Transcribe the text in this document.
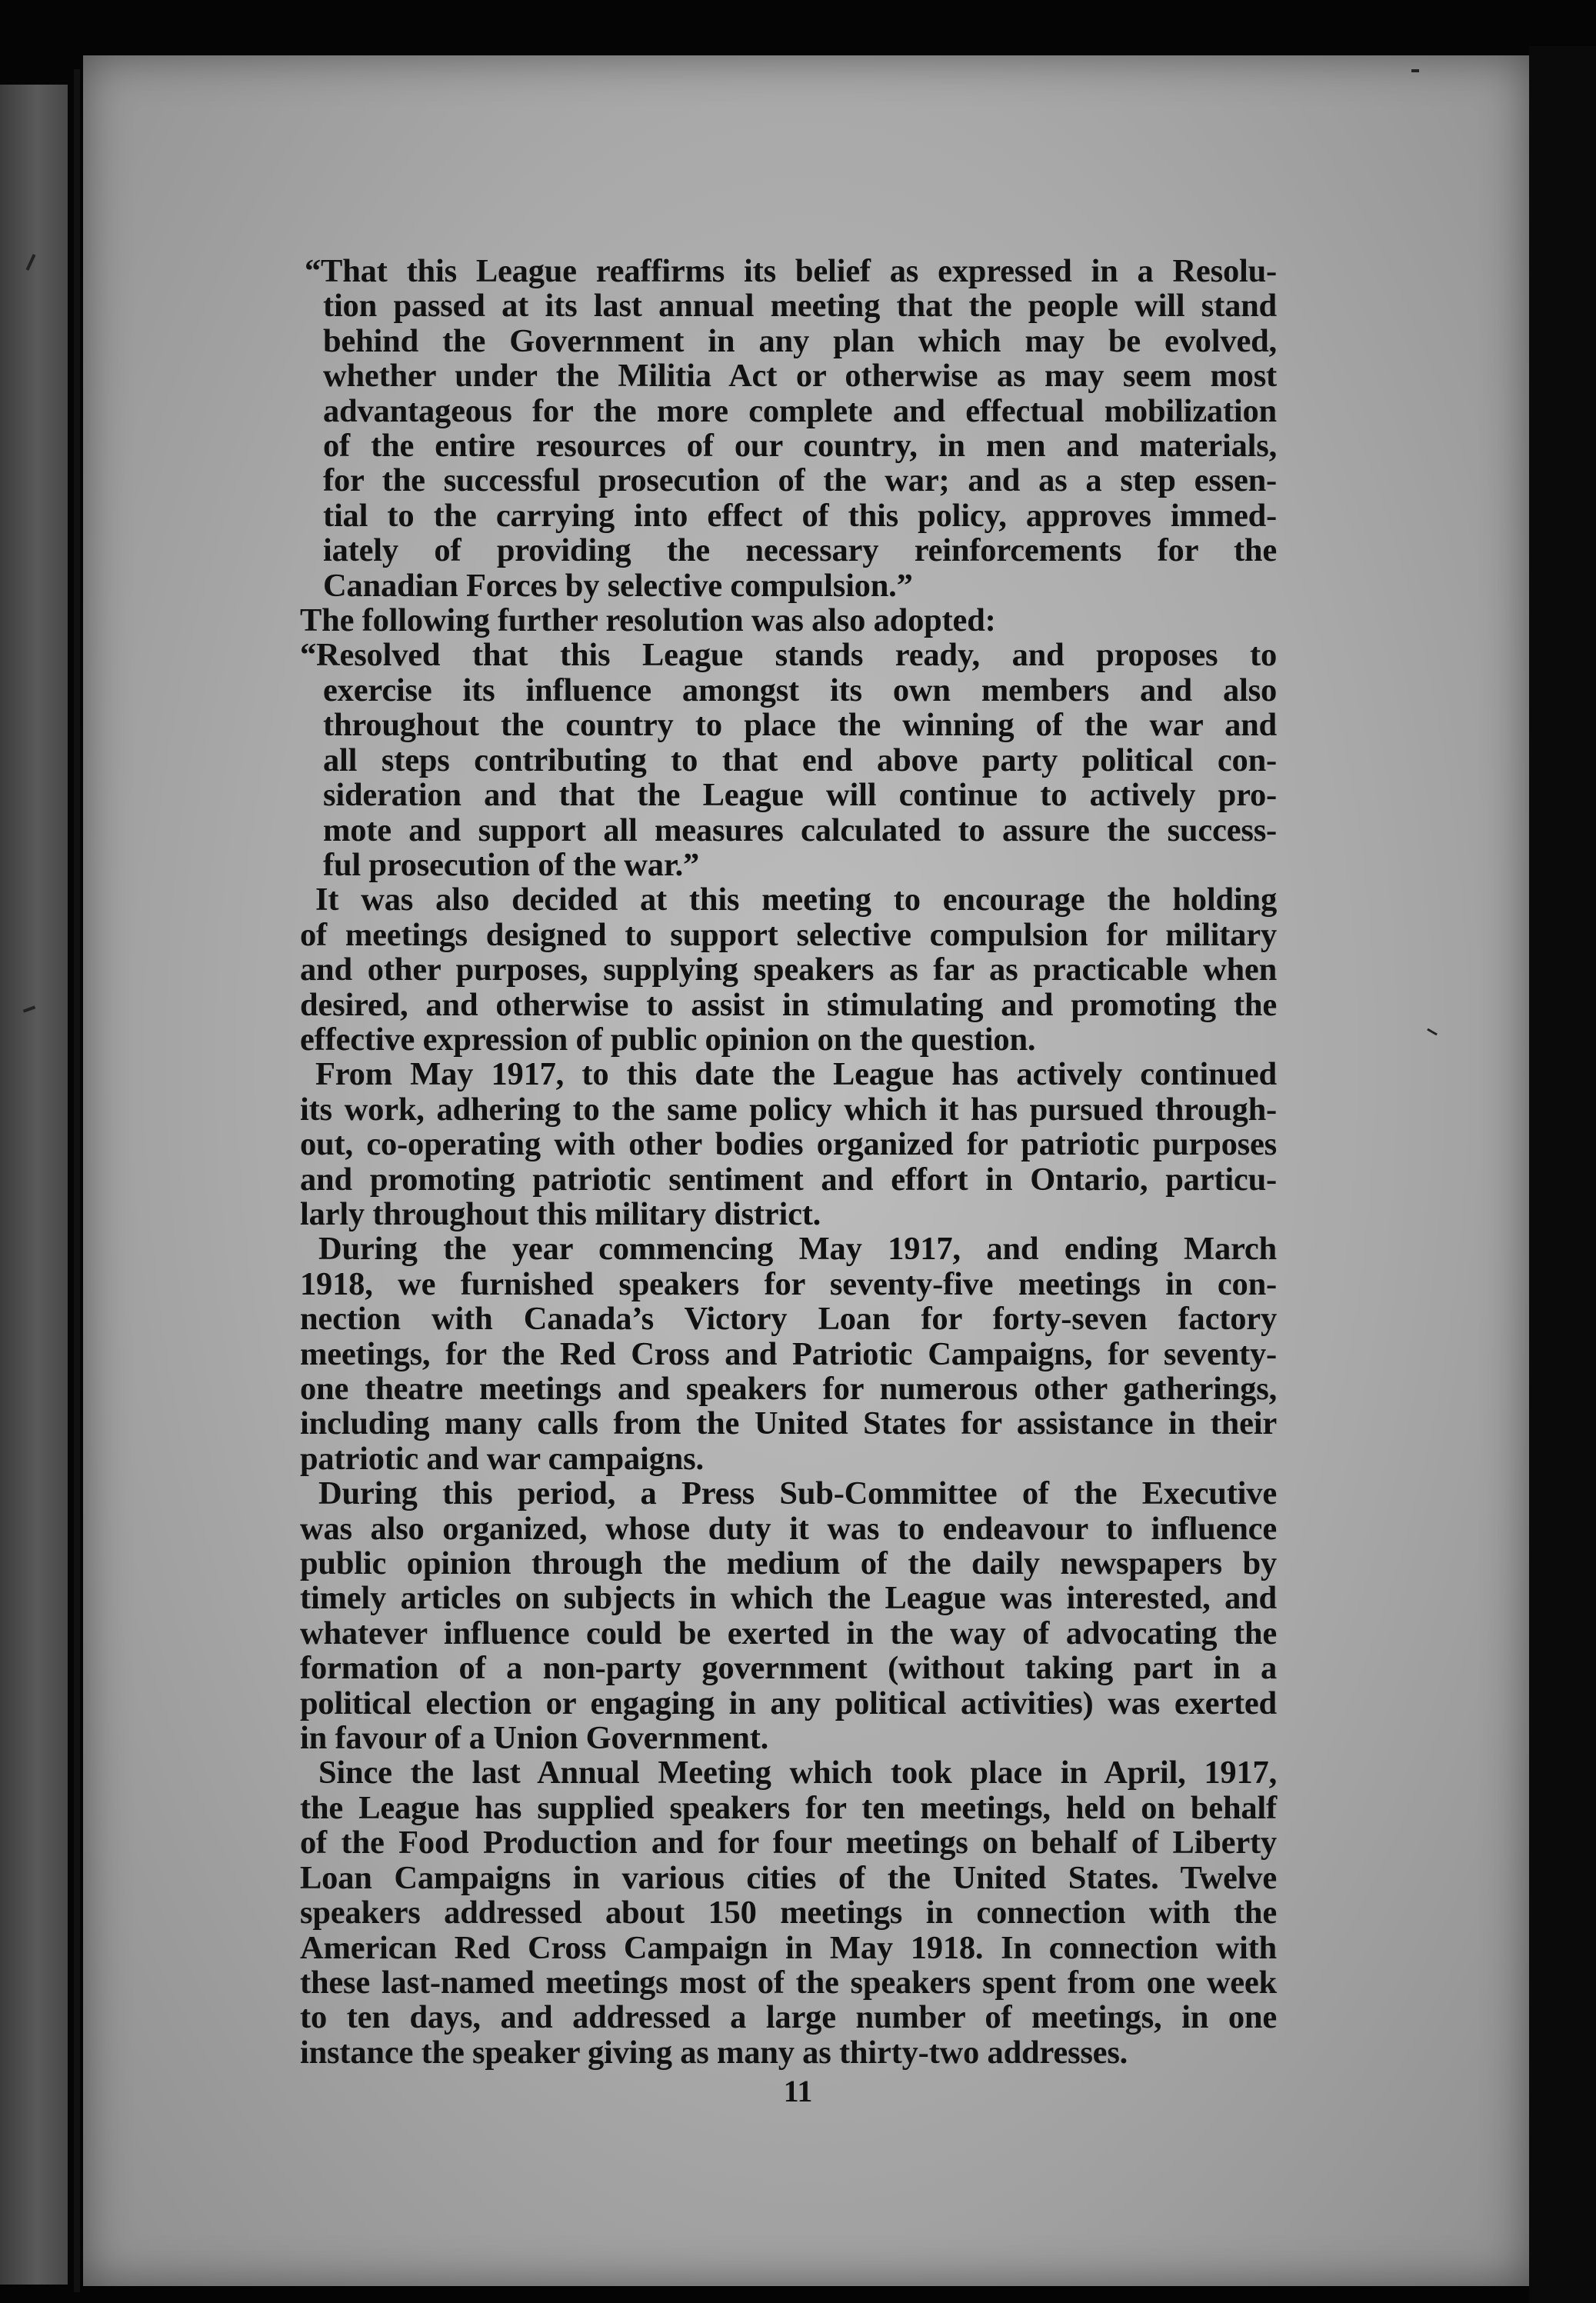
“That this League reaffirms its belief as expressed in a Resolu-
tion passed at its last annual meeting that the people will stand
behind the Government in any plan which may be evolved,
whether under the Militia Act or otherwise as may seem most
advantageous for the more complete and effectual mobilization
of the entire resources of our country, in men and materials,
for the successful prosecution of the war; and as a step essen-
tial to the carrying into effect of this policy, approves immed-
iately of providing the necessary reinforcements for the
Canadian Forces by selective compulsion.”
The following further resolution was also adopted:
“Resolved that this League stands ready, and proposes to
exercise its influence amongst its own members and also
throughout the country to place the winning of the war and
all steps contributing to that end above party political con-
sideration and that the League will continue to actively pro-
mote and support all measures calculated to assure the success-
ful prosecution of the war.”
It was also decided at this meeting to encourage the holding
of meetings designed to support selective compulsion for military
and other purposes, supplying speakers as far as practicable when
desired, and otherwise to assist in stimulating and promoting the
effective expression of public opinion on the question.
From May 1917, to this date the League has actively continued
its work, adhering to the same policy which it has pursued through-
out, co-operating with other bodies organized for patriotic purposes
and promoting patriotic sentiment and effort in Ontario, particu-
larly throughout this military district.
During the year commencing May 1917, and ending March
1918, we furnished speakers for seventy-five meetings in con-
nection with Canada’s Victory Loan for forty-seven factory
meetings, for the Red Cross and Patriotic Campaigns, for seventy-
one theatre meetings and speakers for numerous other gatherings,
including many calls from the United States for assistance in their
patriotic and war campaigns.
During this period, a Press Sub-Committee of the Executive
was also organized, whose duty it was to endeavour to influence
public opinion through the medium of the daily newspapers by
timely articles on subjects in which the League was interested, and
whatever influence could be exerted in the way of advocating the
formation of a non-party government (without taking part in a
political election or engaging in any political activities) was exerted
in favour of a Union Government.
Since the last Annual Meeting which took place in April, 1917,
the League has supplied speakers for ten meetings, held on behalf
of the Food Production and for four meetings on behalf of Liberty
Loan Campaigns in various cities of the United States. Twelve
speakers addressed about 150 meetings in connection with the
American Red Cross Campaign in May 1918. In connection with
these last-named meetings most of the speakers spent from one week
to ten days, and addressed a large number of meetings, in one
instance the speaker giving as many as thirty-two addresses.
11
